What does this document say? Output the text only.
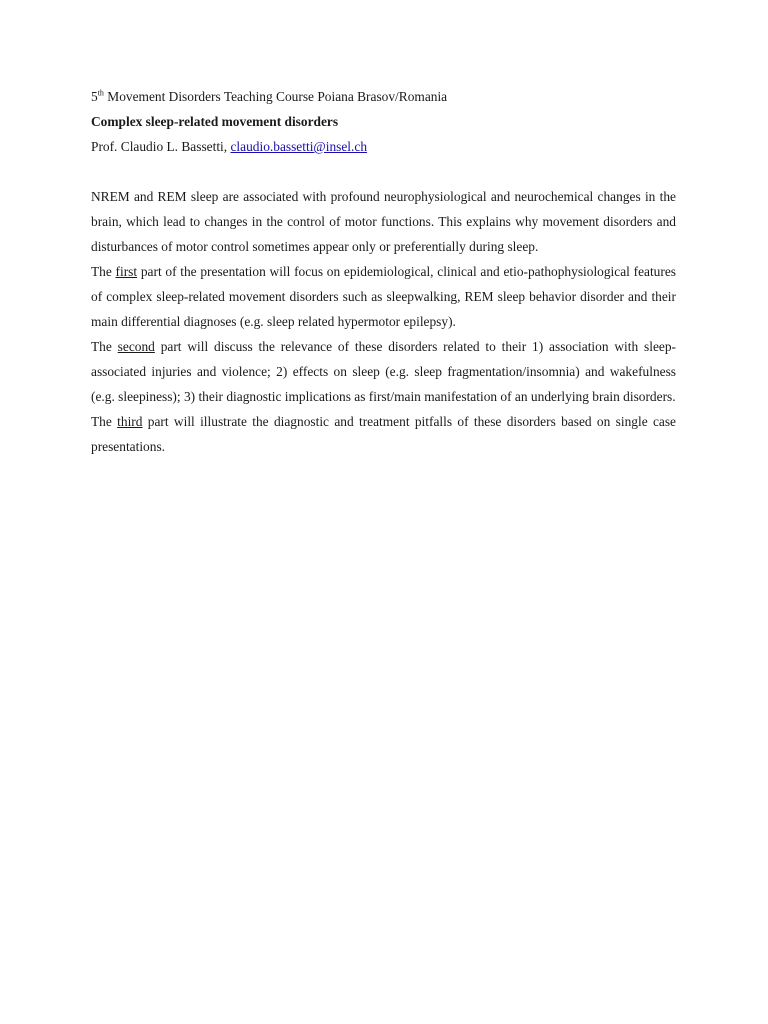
5th Movement Disorders Teaching Course Poiana Brasov/Romania

Complex sleep-related movement disorders

Prof. Claudio L. Bassetti, claudio.bassetti@insel.ch

NREM and REM sleep are associated with profound neurophysiological and neurochemical changes in the brain, which lead to changes in the control of motor functions. This explains why movement disorders and disturbances of motor control sometimes appear only or preferentially during sleep.

The first part of the presentation will focus on epidemiological, clinical and etio-pathophysiological features of complex sleep-related movement disorders such as sleepwalking, REM sleep behavior disorder and their main differential diagnoses (e.g. sleep related hypermotor epilepsy).

The second part will discuss the relevance of these disorders related to their 1) association with sleep-associated injuries and violence; 2) effects on sleep (e.g. sleep fragmentation/insomnia) and wakefulness (e.g. sleepiness); 3) their diagnostic implications as first/main manifestation of an underlying brain disorders.

The third part will illustrate the diagnostic and treatment pitfalls of these disorders based on single case presentations.
